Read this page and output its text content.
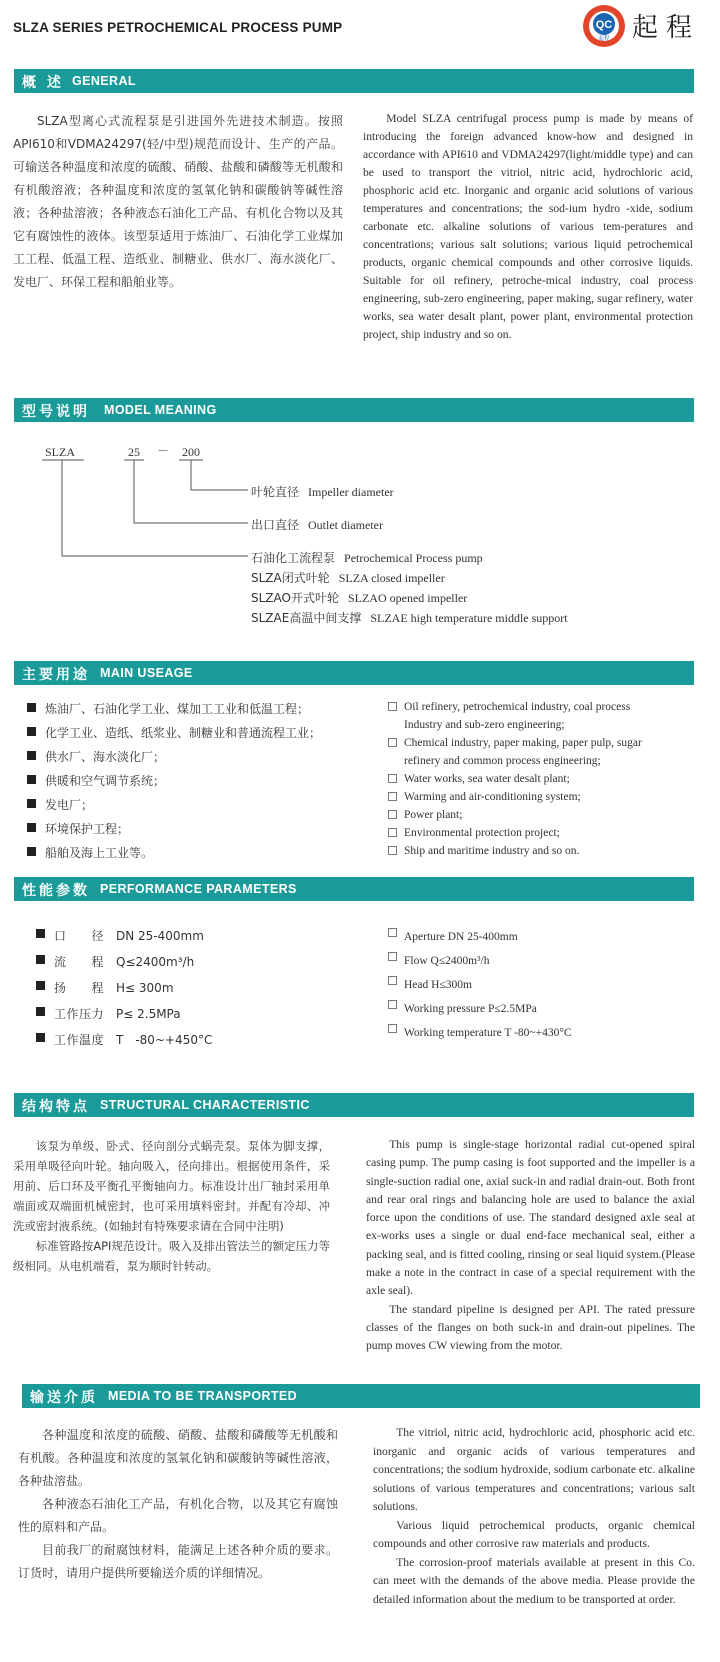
SLZA SERIES PETROCHEMICAL PROCESS PUMP	QC
起程 起程
概 述 GENERAL

SLZA型离心式流程泵是引进国外先进技术制造。按照API610和VDMA24297(轻/中型)规范而设计、生产的产品。可输送各种温度和浓度的硫酸、硝酸、盐酸和磷酸等无机酸和有机酸溶液；各种温度和浓度的氢氧化钠和碳酸钠等碱性溶液；各种盐溶液；各种液态石油化工产品、有机化合物以及其它有腐蚀性的液体。该型泵适用于炼油厂、石油化学工业煤加工工程、低温工程、造纸业、制糖业、供水厂、海水淡化厂、发电厂、环保工程和船舶业等。

Model SLZA centrifugal process pump is made by means of introducing the foreign advanced know-how and designed in accordance with API610 and VDMA24297(light/middle type) and can be used to transport the vitriol, nitric acid, hydrochloric acid, phosphoric acid etc. Inorganic and organic acid solutions of various temperatures and concentrations; the sod-ium hydro -xide, sodium carbonate etc. alkaline solutions of various tem-peratures and concentrations; various salt solutions; various liquid petrochemical products, organic chemical compounds and other corrosive liquids. Suitable for oil refinery, petroche-mical industry, coal process engineering, sub-zero engineering, paper making, sugar refinery, water works, sea water desalt plant, power plant, environmental protection project, ship industry and so on.

型号说明 MODEL MEANING
SLZA	25 － 200
叶轮直径 Impeller diameter
出口直径 Outlet diameter
石油化工流程泵 Petrochemical Process pump
SLZA闭式叶轮 SLZA closed impeller
SLZAO开式叶轮 SLZAO opened impeller
SLZAE高温中间支撑 SLZAE high temperature middle support
主要用途 MAIN USEAGE
炼油厂、石油化学工业、煤加工工业和低温工程；
化学工业、造纸、纸浆业、制糖业和普通流程工业；
供水厂、海水淡化厂；
供暖和空气调节系统；
发电厂；
环境保护工程；
船舶及海上工业等。
Oil refinery, petrochemical industry, coal process
Industry and sub-zero engineering;
Chemical industry, paper making, paper pulp, sugar
refinery and common process engineering;
Water works, sea water desalt plant;
Warming and air-conditioning system;
Power plant;
Environmental protection project;
Ship and maritime industry and so on.
性能参数 PERFORMANCE PARAMETERS
口　　径 DN 25-400mm
流　　程 Q≤2400m³/h
扬　　程 H≤ 300m
工作压力 P≤ 2.5MPa
工作温度 T　-80~+450°C
Aperture DN 25-400mm
Flow Q≤2400m³/h
Head H≤300m
Working pressure P≤2.5MPa
Working temperature T -80~+430°C
结构特点 STRUCTURAL CHARACTERISTIC

该泵为单级、卧式、径向剖分式蜗壳泵。泵体为脚支撑，采用单吸径向叶轮。轴向吸入，径向排出。根据使用条件，采用前、后口环及平衡孔平衡轴向力。标准设计出厂轴封采用单端面或双端面机械密封，也可采用填料密封。并配有冷却、冲洗或密封液系统。(如轴封有特殊要求请在合同中注明)

标准管路按API规范设计。吸入及排出管法兰的额定压力等级相同。从电机端看，泵为顺时针转动。

This pump is single-stage horizontal radial cut-opened spiral casing pump. The pump casing is foot supported and the impeller is a single-suction radial one, axial suck-in and radial drain-out. Both front and rear oral rings and balancing hole are used to balance the axial force upon the conditions of use. The standard designed axle seal at ex-works uses a single or dual end-face mechanical seal, either a packing seal, and is fitted cooling, rinsing or seal liquid system.(Please make a note in the contract in case of a special requirement with the axle seal).

The standard pipeline is designed per API. The rated pressure classes of the flanges on both suck-in and drain-out pipelines. The pump moves CW viewing from the motor.

输送介质 MEDIA TO BE TRANSPORTED

各种温度和浓度的硫酸、硝酸、盐酸和磷酸等无机酸和有机酸。各种温度和浓度的氢氧化钠和碳酸钠等碱性溶液，各种盐溶盐。

各种液态石油化工产品，有机化合物，以及其它有腐蚀性的原料和产品。

目前我厂的耐腐蚀材料，能满足上述各种介质的要求。订货时，请用户提供所要输送介质的详细情况。

The vitriol, nitric acid, hydrochloric acid, phosphoric acid etc. inorganic and organic acids of various temperatures and concentrations; the sodium hydroxide, sodium carbonate etc. alkaline solutions of various temperatures and concentrations; various salt solutions.

Various liquid petrochemical products, organic chemical compounds and other corrosive raw materials and products.

The corrosion-proof materials available at present in this Co. can meet with the demands of the above media. Please provide the detailed information about the medium to be transported at order.
